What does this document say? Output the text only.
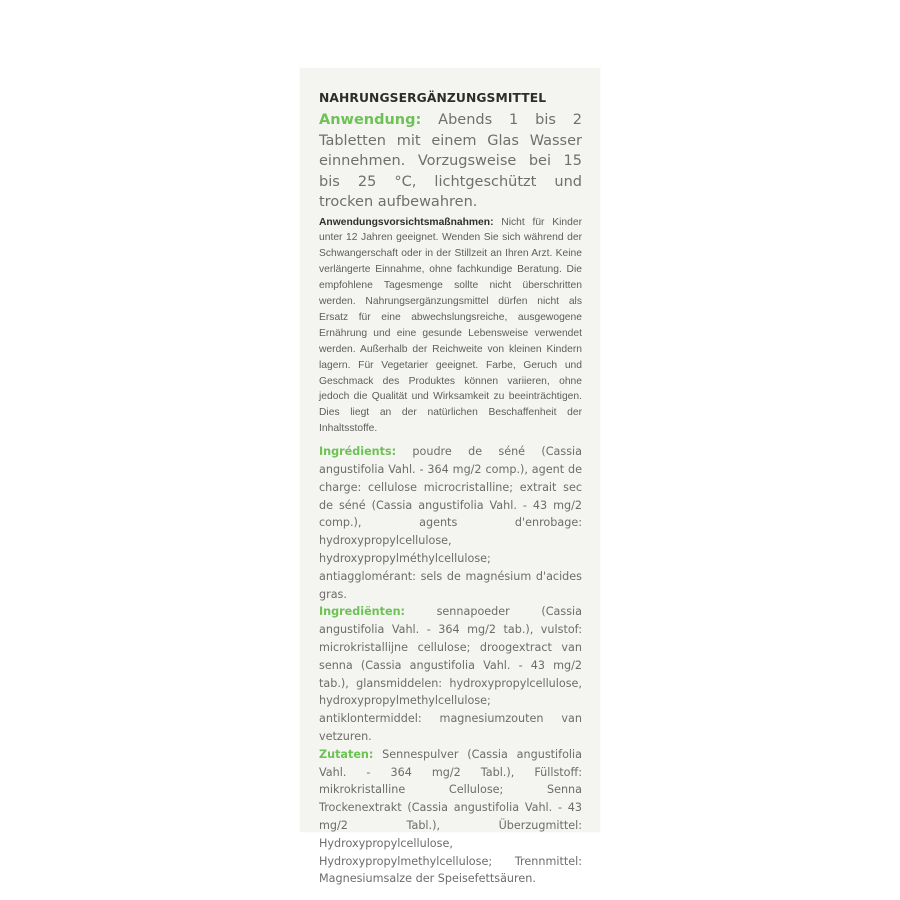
NAHRUNGSERGÄNZUNGSMITTEL

Anwendung: Abends 1 bis 2 Tabletten mit einem Glas Wasser einnehmen. Vorzugsweise bei 15 bis 25 °C, lichtgeschützt und trocken aufbewahren.

Anwendungsvorsichtsmaßnahmen: Nicht für Kinder unter 12 Jahren geeignet. Wenden Sie sich während der Schwangerschaft oder in der Stillzeit an Ihren Arzt. Keine verlängerte Einnahme, ohne fachkundige Beratung. Die empfohlene Tagesmenge sollte nicht überschritten werden. Nahrungsergänzungsmittel dürfen nicht als Ersatz für eine abwechslungsreiche, ausgewogene Ernährung und eine gesunde Lebensweise verwendet werden. Außerhalb der Reichweite von kleinen Kindern lagern. Für Vegetarier geeignet. Farbe, Geruch und Geschmack des Produktes können variieren, ohne jedoch die Qualität und Wirksamkeit zu beeinträchtigen. Dies liegt an der natürlichen Beschaffenheit der Inhaltsstoffe.

Ingrédients: poudre de séné (Cassia angustifolia Vahl. - 364 mg/2 comp.), agent de charge: cellulose microcristalline; extrait sec de séné (Cassia angustifolia Vahl. - 43 mg/2 comp.), agents d'enrobage: hydroxypropylcellulose, hydroxypropylméthylcellulose; antiagglomérant: sels de magnésium d'acides gras.

Ingrediënten: sennapoeder (Cassia angustifolia Vahl. - 364 mg/2 tab.), vulstof: microkristallijne cellulose; droogextract van senna (Cassia angustifolia Vahl. - 43 mg/2 tab.), glansmiddelen: hydroxypropylcellulose, hydroxypropylmethylcellulose; antiklontermiddel: magnesiumzouten van vetzuren.

Zutaten: Sennespulver (Cassia angustifolia Vahl. - 364 mg/2 Tabl.), Füllstoff: mikrokristalline Cellulose; Senna Trockenextrakt (Cassia angustifolia Vahl. - 43 mg/2 Tabl.), Überzugmittel: Hydroxypropylcellulose, Hydroxypropylmethylcellulose; Trennmittel: Magnesiumsalze der Speisefettsäuren.
